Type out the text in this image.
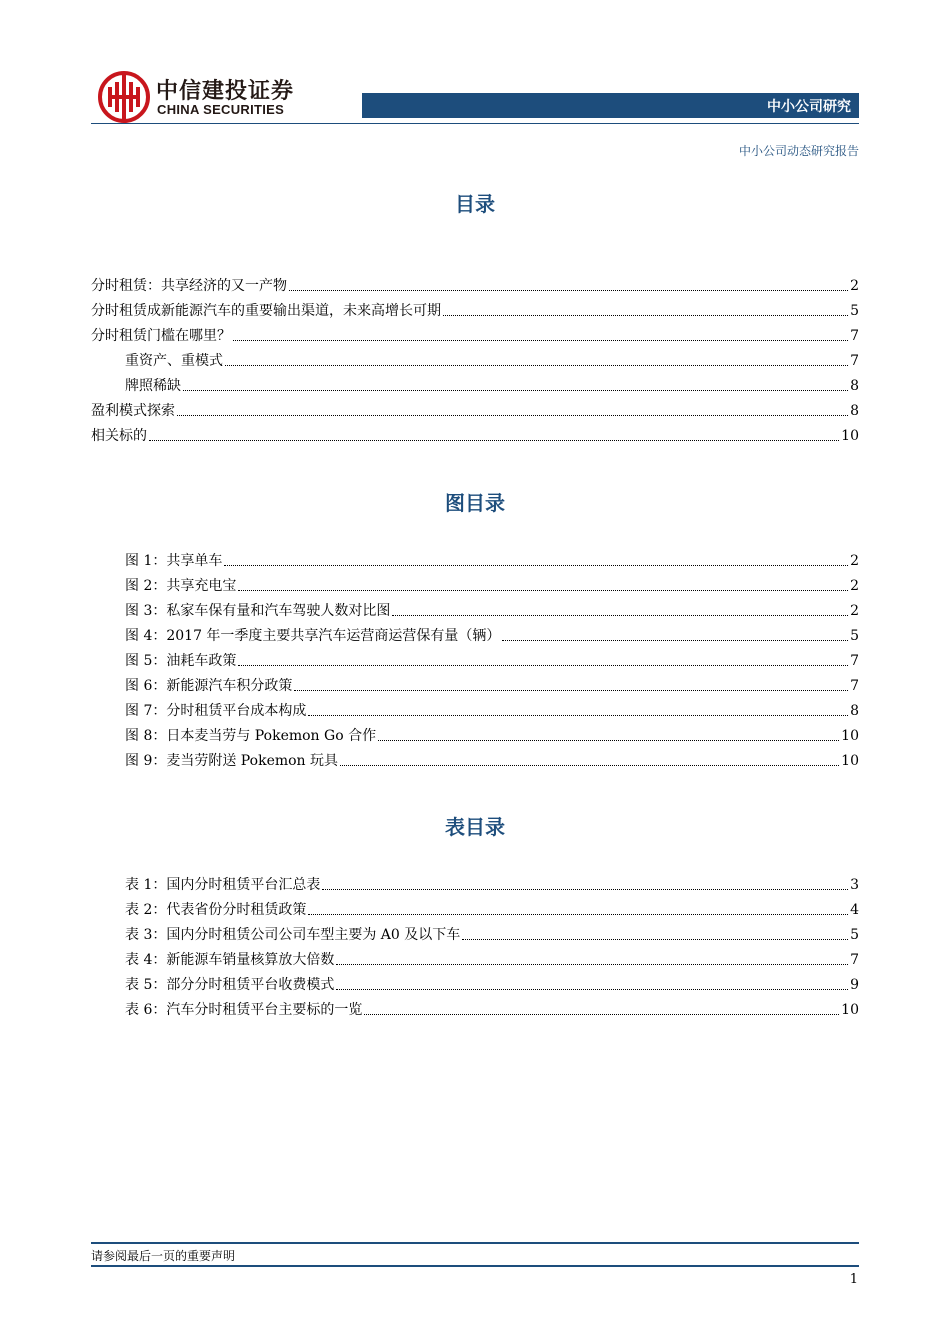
中信建投证券
CHINA SECURITIES	中小公司研究
中小公司动态研究报告
目录
分时租赁：共享经济的又一产物	2
分时租赁成新能源汽车的重要输出渠道，未来高增长可期	5
分时租赁门槛在哪里？	7
重资产、重模式	7
牌照稀缺	8
盈利模式探索	8
相关标的	10
图目录
图 1：共享单车	2
图 2：共享充电宝	2
图 3：私家车保有量和汽车驾驶人数对比图	2
图 4：2017 年一季度主要共享汽车运营商运营保有量（辆）	5
图 5：油耗车政策	7
图 6：新能源汽车积分政策	7
图 7：分时租赁平台成本构成	8
图 8：日本麦当劳与 Pokemon Go 合作	10
图 9：麦当劳附送 Pokemon 玩具	10
表目录
表 1：国内分时租赁平台汇总表	3
表 2：代表省份分时租赁政策	4
表 3：国内分时租赁公司公司车型主要为 A0 及以下车	5
表 4：新能源车销量核算放大倍数	7
表 5：部分分时租赁平台收费模式	9
表 6：汽车分时租赁平台主要标的一览	10
请参阅最后一页的重要声明
1
